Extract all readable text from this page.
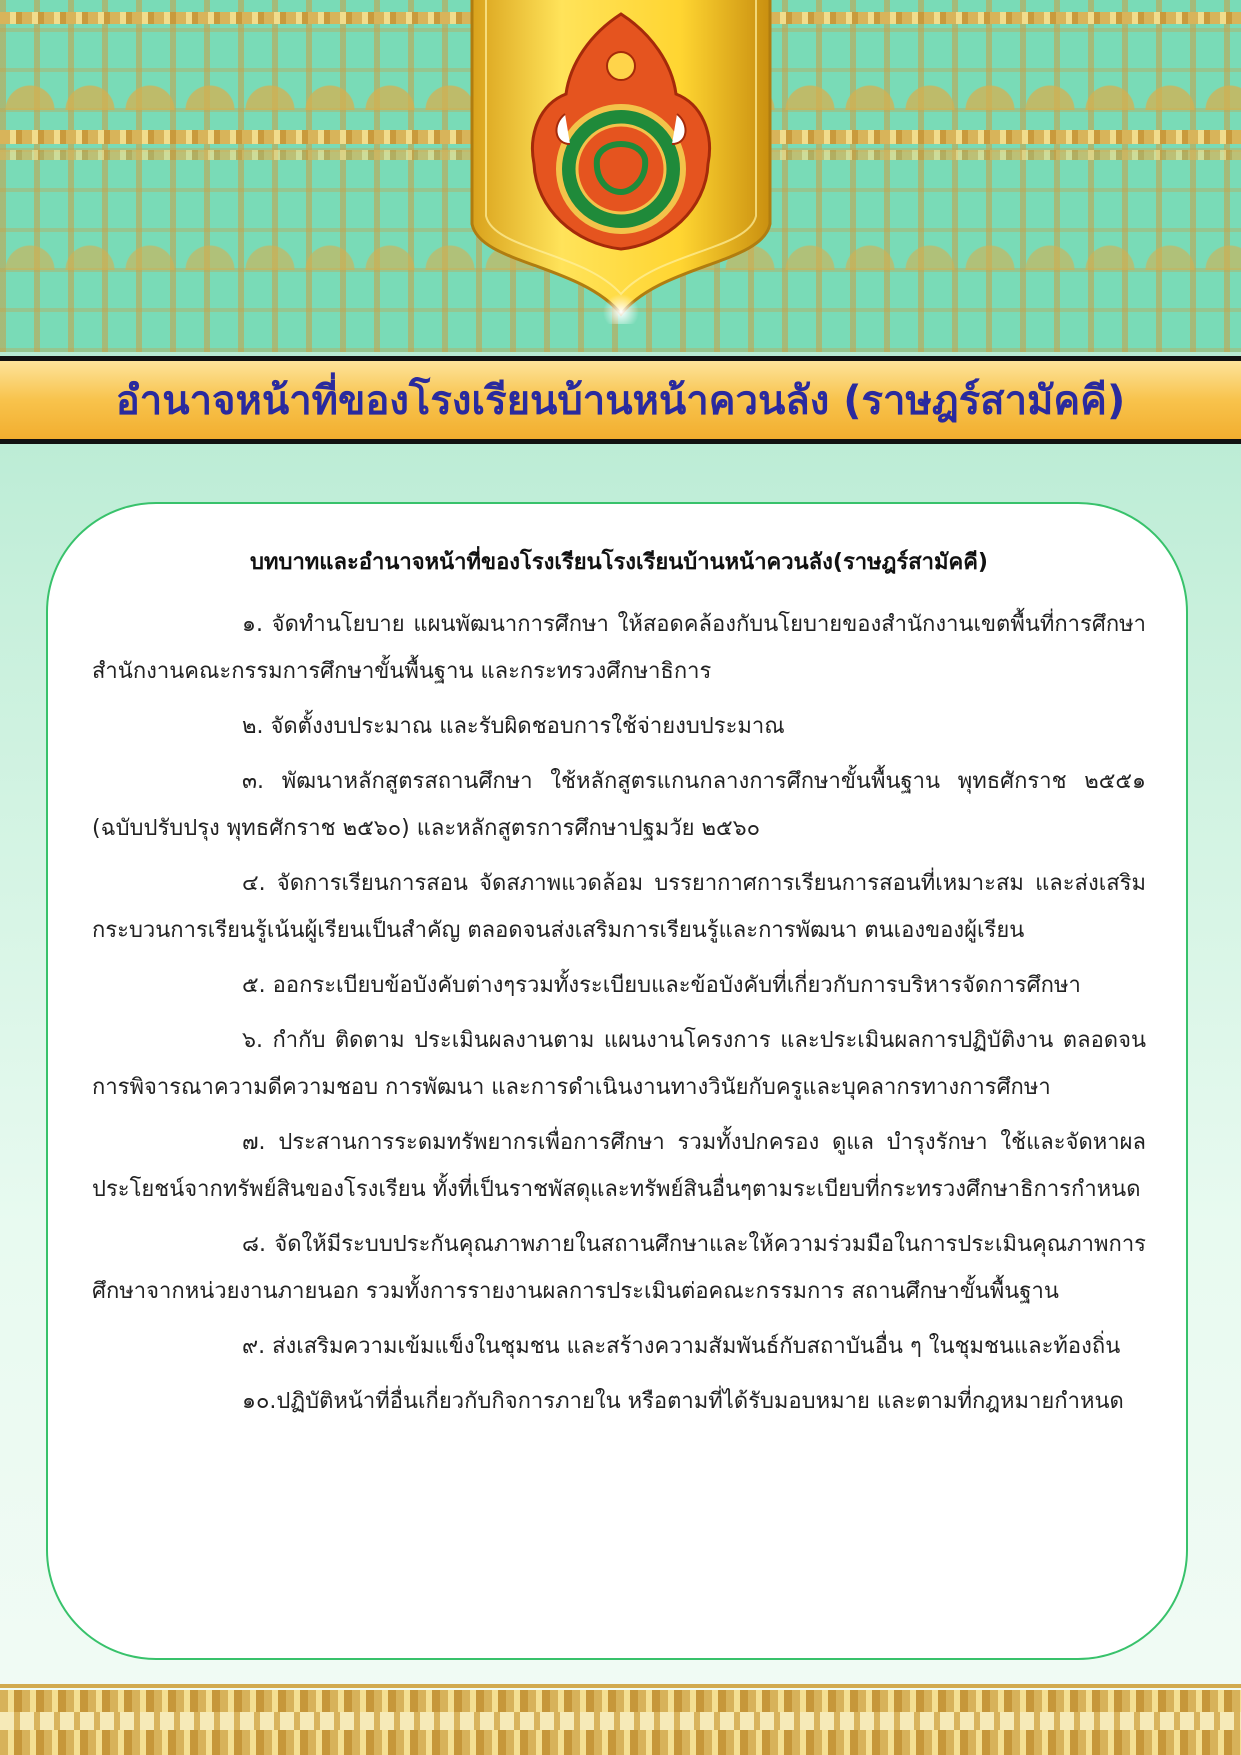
อำนาจหน้าที่ของโรงเรียนบ้านหน้าควนลัง (ราษฎร์สามัคคี)
บทบาทและอำนาจหน้าที่ของโรงเรียนโรงเรียนบ้านหน้าควนลัง(ราษฎร์สามัคคี)

๑. จัดทำนโยบาย แผนพัฒนาการศึกษา ให้สอดคล้องกับนโยบายของสำนักงานเขตพื้นที่การศึกษา สำนักงานคณะกรรมการศึกษาขั้นพื้นฐาน และกระทรวงศึกษาธิการ

๒. จัดตั้งงบประมาณ และรับผิดชอบการใช้จ่ายงบประมาณ

๓. พัฒนาหลักสูตรสถานศึกษา ใช้หลักสูตรแกนกลางการศึกษาขั้นพื้นฐาน พุทธศักราช ๒๕๕๑ (ฉบับปรับปรุง พุทธศักราช ๒๕๖๐) และหลักสูตรการศึกษาปฐมวัย ๒๕๖๐

๔. จัดการเรียนการสอน จัดสภาพแวดล้อม บรรยากาศการเรียนการสอนที่เหมาะสม และส่งเสริม กระบวนการเรียนรู้เน้นผู้เรียนเป็นสำคัญ ตลอดจนส่งเสริมการเรียนรู้และการพัฒนา ตนเองของผู้เรียน

๕. ออกระเบียบข้อบังคับต่างๆรวมทั้งระเบียบและข้อบังคับที่เกี่ยวกับการบริหารจัดการศึกษา

๖. กำกับ ติดตาม ประเมินผลงานตาม แผนงานโครงการ และประเมินผลการปฏิบัติงาน ตลอดจน การพิจารณาความดีความชอบ การพัฒนา และการดำเนินงานทางวินัยกับครูและบุคลากรทางการศึกษา

๗. ประสานการระดมทรัพยากรเพื่อการศึกษา รวมทั้งปกครอง ดูแล บำรุงรักษา ใช้และจัดหาผลประโยชน์จากทรัพย์สินของโรงเรียน ทั้งที่เป็นราชพัสดุและทรัพย์สินอื่นๆตามระเบียบที่กระทรวงศึกษาธิการกำหนด

๘. จัดให้มีระบบประกันคุณภาพภายในสถานศึกษาและให้ความร่วมมือในการประเมินคุณภาพการศึกษาจากหน่วยงานภายนอก รวมทั้งการรายงานผลการประเมินต่อคณะกรรมการ สถานศึกษาขั้นพื้นฐาน

๙. ส่งเสริมความเข้มแข็งในชุมชน และสร้างความสัมพันธ์กับสถาบันอื่น ๆ ในชุมชนและท้องถิ่น

๑๐.ปฏิบัติหน้าที่อื่นเกี่ยวกับกิจการภายใน หรือตามที่ได้รับมอบหมาย และตามที่กฎหมายกำหนด
